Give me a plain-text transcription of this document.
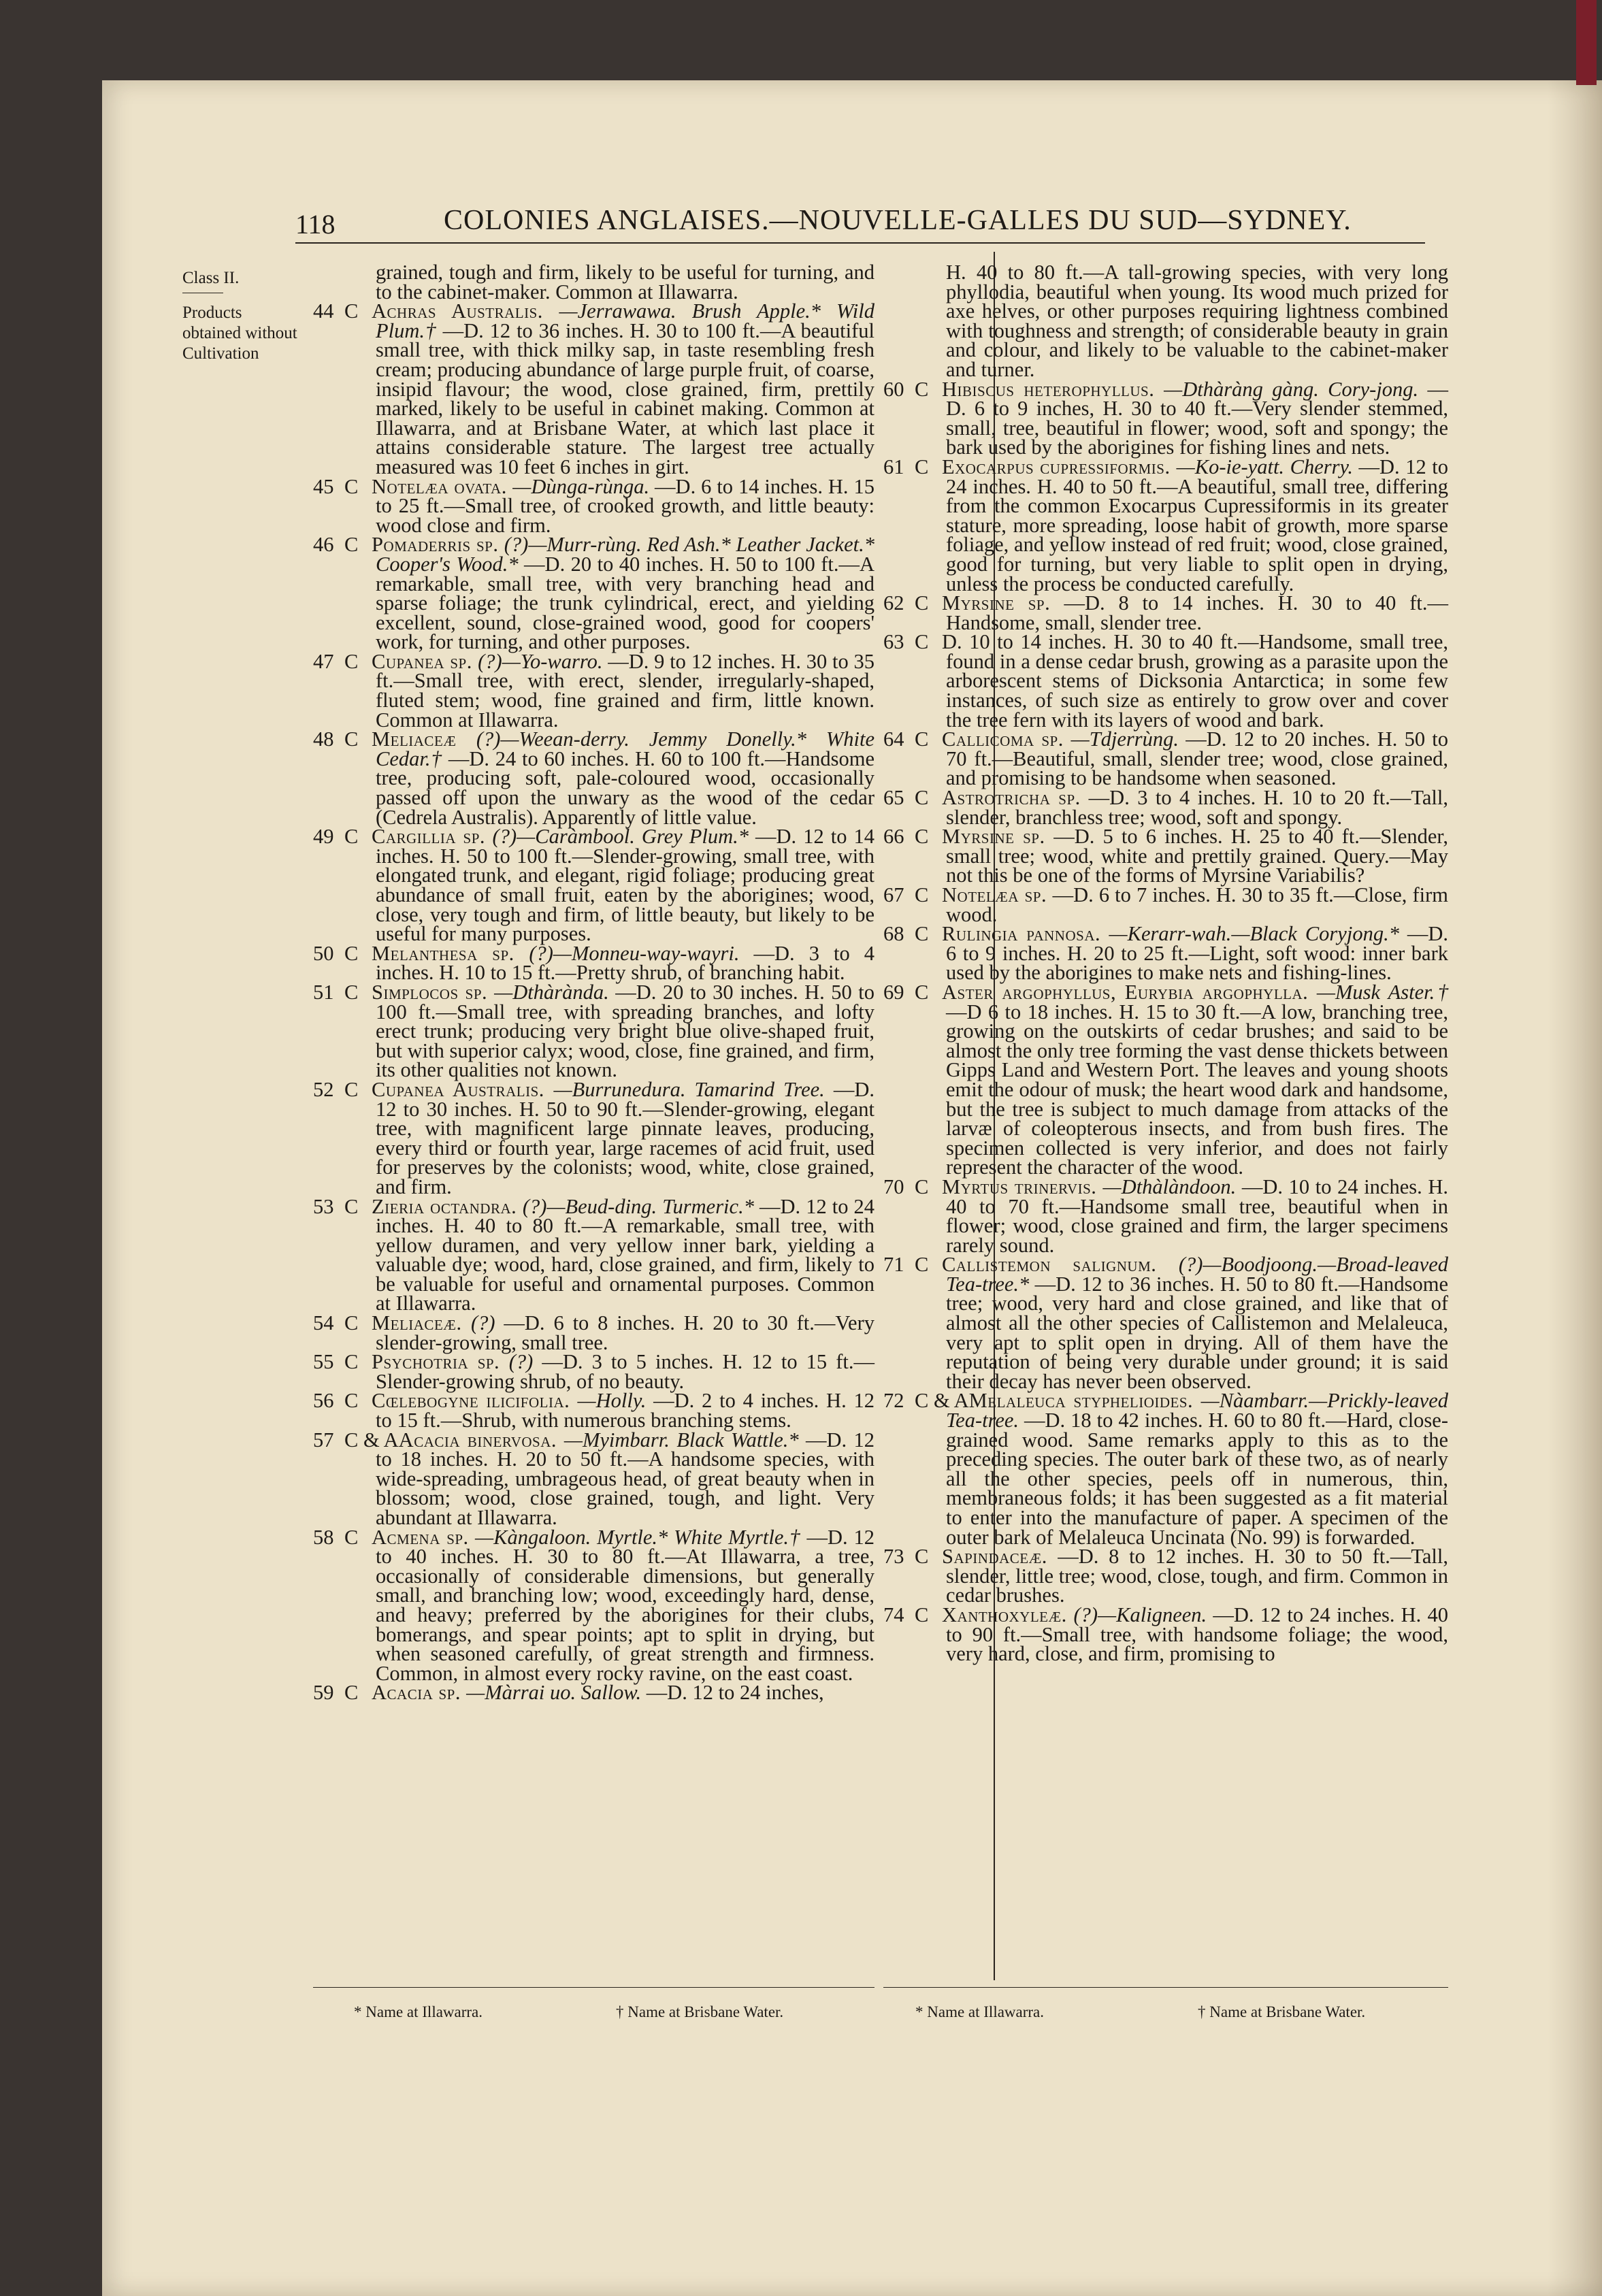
118	COLONIES ANGLAISES.—NOUVELLE-GALLES DU SUD—SYDNEY.
Class II.
Products obtained without Cultivation

grained, tough and firm, likely to be useful for turning, and to the cabinet-maker. Common at Illawarra.

44 C Achras Australis. —Jerrawawa. Brush Apple.* Wild Plum.† —D. 12 to 36 inches. H. 30 to 100 ft.—A beautiful small tree, with thick milky sap, in taste resembling fresh cream; producing abundance of large purple fruit, of coarse, insipid flavour; the wood, close grained, firm, prettily marked, likely to be useful in cabinet making. Common at Illawarra, and at Brisbane Water, at which last place it attains considerable stature. The largest tree actually measured was 10 feet 6 inches in girt.

45 C Notelæa ovata. —Dùnga-rùnga. —D. 6 to 14 inches. H. 15 to 25 ft.—Small tree, of crooked growth, and little beauty: wood close and firm.

46 C Pomaderris sp. (?)—Murr-rùng. Red Ash.* Leather Jacket.* Cooper's Wood.* —D. 20 to 40 inches. H. 50 to 100 ft.—A remarkable, small tree, with very branching head and sparse foliage; the trunk cylindrical, erect, and yielding excellent, sound, close-grained wood, good for coopers' work, for turning, and other purposes.

47 C Cupanea sp. (?)—Yo-warro. —D. 9 to 12 inches. H. 30 to 35 ft.—Small tree, with erect, slender, irregularly-shaped, fluted stem; wood, fine grained and firm, little known. Common at Illawarra.

48 C Meliaceæ (?)—Weean-derry. Jemmy Donelly.* White Cedar.† —D. 24 to 60 inches. H. 60 to 100 ft.—Handsome tree, producing soft, pale-coloured wood, occasionally passed off upon the unwary as the wood of the cedar (Cedrela Australis). Apparently of little value.

49 C Cargillia sp. (?)—Caràmbool. Grey Plum.* —D. 12 to 14 inches. H. 50 to 100 ft.—Slender-growing, small tree, with elongated trunk, and elegant, rigid foliage; producing great abundance of small fruit, eaten by the aborigines; wood, close, very tough and firm, of little beauty, but likely to be useful for many purposes.

50 C Melanthesa sp. (?)—Monneu-way-wayri. —D. 3 to 4 inches. H. 10 to 15 ft.—Pretty shrub, of branching habit.

51 C Simplocos sp. —Dthàrànda. —D. 20 to 30 inches. H. 50 to 100 ft.—Small tree, with spreading branches, and lofty erect trunk; producing very bright blue olive-shaped fruit, but with superior calyx; wood, close, fine grained, and firm, its other qualities not known.

52 C Cupanea Australis. —Burrunedura. Tamarind Tree. —D. 12 to 30 inches. H. 50 to 90 ft.—Slender-growing, elegant tree, with magnificent large pinnate leaves, producing, every third or fourth year, large racemes of acid fruit, used for preserves by the colonists; wood, white, close grained, and firm.

53 C Zieria octandra. (?)—Beud-ding. Turmeric.* —D. 12 to 24 inches. H. 40 to 80 ft.—A remarkable, small tree, with yellow duramen, and very yellow inner bark, yielding a valuable dye; wood, hard, close grained, and firm, likely to be valuable for useful and ornamental purposes. Common at Illawarra.

54 C Meliaceæ. (?) —D. 6 to 8 inches. H. 20 to 30 ft.—Very slender-growing, small tree.

55 C Psychotria sp. (?) —D. 3 to 5 inches. H. 12 to 15 ft.—Slender-growing shrub, of no beauty.

56 C Cœlebogyne ilicifolia. —Holly. —D. 2 to 4 inches. H. 12 to 15 ft.—Shrub, with numerous branching stems.

57 C & AAcacia binervosa. —Myimbarr. Black Wattle.* —D. 12 to 18 inches. H. 20 to 50 ft.—A handsome species, with wide-spreading, umbrageous head, of great beauty when in blossom; wood, close grained, tough, and light. Very abundant at Illawarra.

58 C Acmena sp. —Kàngaloon. Myrtle.* White Myrtle.† —D. 12 to 40 inches. H. 30 to 80 ft.—At Illawarra, a tree, occasionally of considerable dimensions, but generally small, and branching low; wood, exceedingly hard, dense, and heavy; preferred by the aborigines for their clubs, bomerangs, and spear points; apt to split in drying, but when seasoned carefully, of great strength and firmness. Common, in almost every rocky ravine, on the east coast.

59 C Acacia sp. —Màrrai uo. Sallow. —D. 12 to 24 inches,

H. 40 to 80 ft.—A tall-growing species, with very long phyllodia, beautiful when young. Its wood much prized for axe helves, or other purposes requiring lightness combined with toughness and strength; of considerable beauty in grain and colour, and likely to be valuable to the cabinet-maker and turner.

60 C Hibiscus heterophyllus. —Dthàràng gàng. Cory-jong. —D. 6 to 9 inches, H. 30 to 40 ft.—Very slender stemmed, small, tree, beautiful in flower; wood, soft and spongy; the bark used by the aborigines for fishing lines and nets.

61 C Exocarpus cupressiformis. —Ko-ie-yatt. Cherry. —D. 12 to 24 inches. H. 40 to 50 ft.—A beautiful, small tree, differing from the common Exocarpus Cupressiformis in its greater stature, more spreading, loose habit of growth, more sparse foliage, and yellow instead of red fruit; wood, close grained, good for turning, but very liable to split open in drying, unless the process be conducted carefully.

62 C Myrsine sp. —D. 8 to 14 inches. H. 30 to 40 ft.—Handsome, small, slender tree.

63 C D. 10 to 14 inches. H. 30 to 40 ft.—Handsome, small tree, found in a dense cedar brush, growing as a parasite upon the arborescent stems of Dicksonia Antarctica; in some few instances, of such size as entirely to grow over and cover the tree fern with its layers of wood and bark.

64 C Callicoma sp. —Tdjerrùng. —D. 12 to 20 inches. H. 50 to 70 ft.—Beautiful, small, slender tree; wood, close grained, and promising to be handsome when seasoned.

65 C Astrotricha sp. —D. 3 to 4 inches. H. 10 to 20 ft.—Tall, slender, branchless tree; wood, soft and spongy.

66 C Myrsine sp. —D. 5 to 6 inches. H. 25 to 40 ft.—Slender, small tree; wood, white and prettily grained. Query.—May not this be one of the forms of Myrsine Variabilis?

67 C Notelæa sp. —D. 6 to 7 inches. H. 30 to 35 ft.—Close, firm wood.

68 C Rulingia pannosa. —Kerarr-wah.—Black Coryjong.* —D. 6 to 9 inches. H. 20 to 25 ft.—Light, soft wood: inner bark used by the aborigines to make nets and fishing-lines.

69 C Aster argophyllus, Eurybia argophylla. —Musk Aster.† —D 6 to 18 inches. H. 15 to 30 ft.—A low, branching tree, growing on the outskirts of cedar brushes; and said to be almost the only tree forming the vast dense thickets between Gipps Land and Western Port. The leaves and young shoots emit the odour of musk; the heart wood dark and handsome, but the tree is subject to much damage from attacks of the larvæ of coleopterous insects, and from bush fires. The specimen collected is very inferior, and does not fairly represent the character of the wood.

70 C Myrtus trinervis. —Dthàlàndoon. —D. 10 to 24 inches. H. 40 to 70 ft.—Handsome small tree, beautiful when in flower; wood, close grained and firm, the larger specimens rarely sound.

71 C Callistemon salignum. (?)—Boodjoong.—Broad-leaved Tea-tree.* —D. 12 to 36 inches. H. 50 to 80 ft.—Handsome tree; wood, very hard and close grained, and like that of almost all the other species of Callistemon and Melaleuca, very apt to split open in drying. All of them have the reputation of being very durable under ground; it is said their decay has never been observed.

72 C & AMelaleuca styphelioides. —Nàambarr.—Prickly-leaved Tea-tree. —D. 18 to 42 inches. H. 60 to 80 ft.—Hard, close-grained wood. Same remarks apply to this as to the preceding species. The outer bark of these two, as of nearly all the other species, peels off in numerous, thin, membraneous folds; it has been suggested as a fit material to enter into the manufacture of paper. A specimen of the outer bark of Melaleuca Uncinata (No. 99) is forwarded.

73 C Sapindaceæ. —D. 8 to 12 inches. H. 30 to 50 ft.—Tall, slender, little tree; wood, close, tough, and firm. Common in cedar brushes.

74 C Xanthoxyleæ. (?)—Kaligneen. —D. 12 to 24 inches. H. 40 to 90 ft.—Small tree, with handsome foliage; the wood, very hard, close, and firm, promising to

* Name at Illawarra.	† Name at Brisbane Water.	* Name at Illawarra.	† Name at Brisbane Water.
